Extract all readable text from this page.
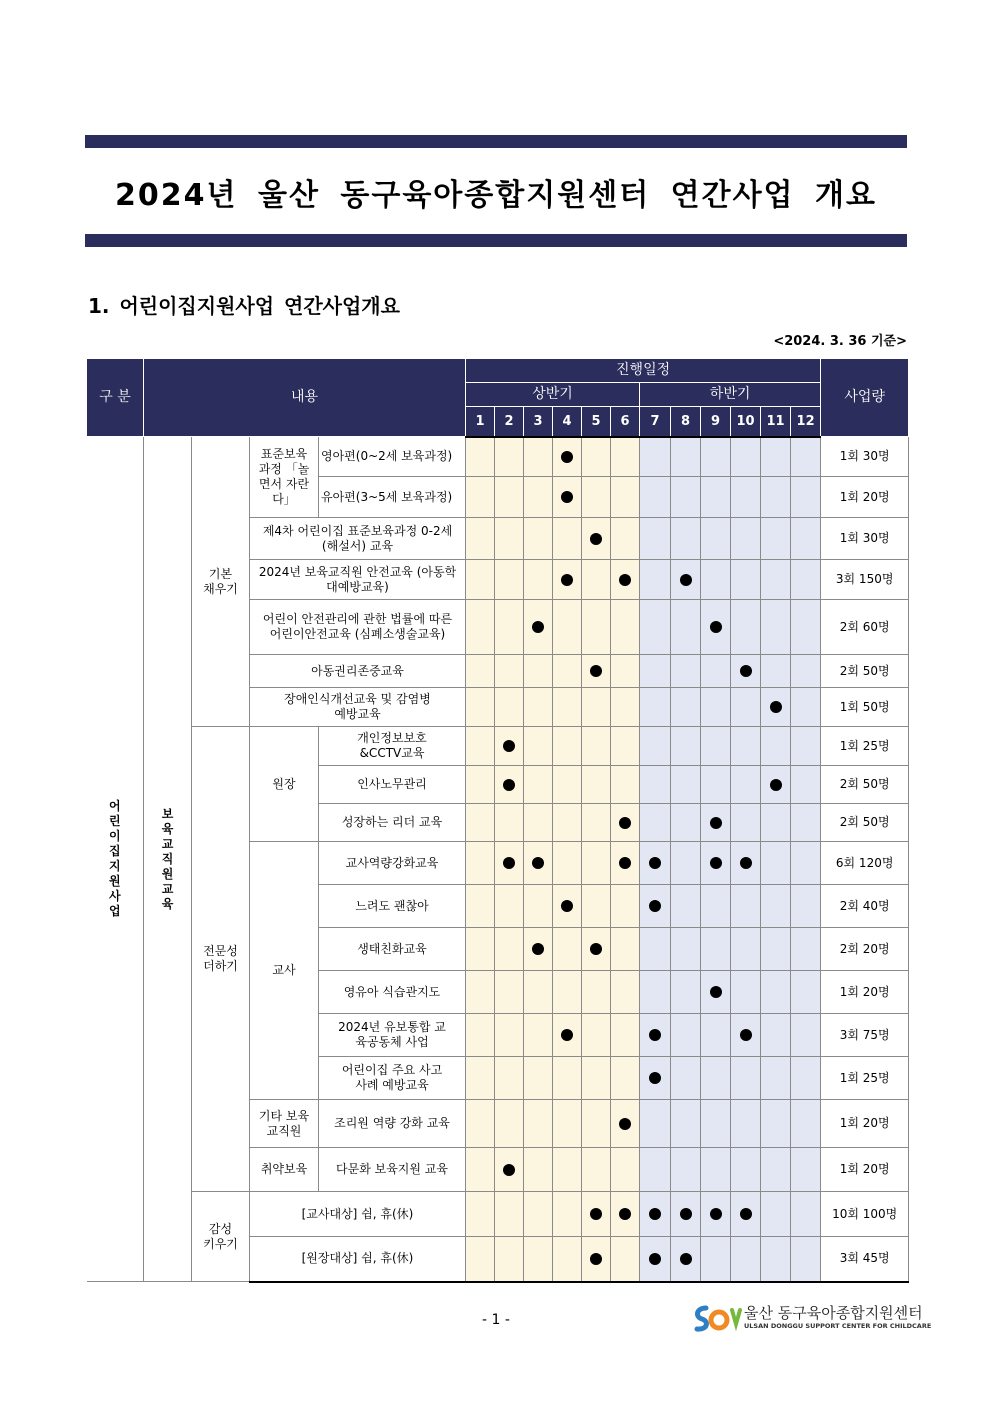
2024년 울산 동구육아종합지원센터 연간사업 개요
1. 어린이집지원사업 연간사업개요
<2024. 3. 36 기준>
구 분	내용				진행일정												사업량
					상반기						하반기						
					1	2	3	4	5	6	7	8	9	10	11	12	

어린이집지원사업	보육교직원교육	기본 채우기	표준보육 과정 「놀면서 자란다」	영아편(0~2세 보육과정)													1회 30명
				유아편(3~5세 보육과정)													1회 20명
			제4차 어린이집 표준보육과정 0-2세(해설서) 교육														1회 30명
			2024년 보육교직원 안전교육 (아동학대예방교육)														3회 150명
			어린이 안전관리에 관한 법률에 따른 어린이안전교육 (심폐소생술교육)														2회 60명
			아동권리존중교육														2회 50명
			장애인식개선교육 및 감염병예방교육														1회 50명
		전문성 더하기	원장	개인정보보호 &CCTV교육													1회 25명
				인사노무관리													2회 50명
				성장하는 리더 교육													2회 50명
			교사	교사역량강화교육													6회 120명
				느려도 괜찮아													2회 40명
				생태친화교육													2회 20명
				영유아 식습관지도													1회 20명
				2024년 유보통합 교육공동체 사업													3회 75명
				어린이집 주요 사고사례 예방교육													1회 25명
			기타 보육 교직원	조리원 역량 강화 교육													1회 20명
			취약보육	다문화 보육지원 교육													1회 20명
		감성 키우기	[교사대상] 쉼, 휴(休)														10회 100명
			[원장대상] 쉼, 휴(休)														3회 45명
- 1 -	울산 동구육아종합지원센터
ULSAN DONGGU SUPPORT CENTER FOR CHILDCARE
